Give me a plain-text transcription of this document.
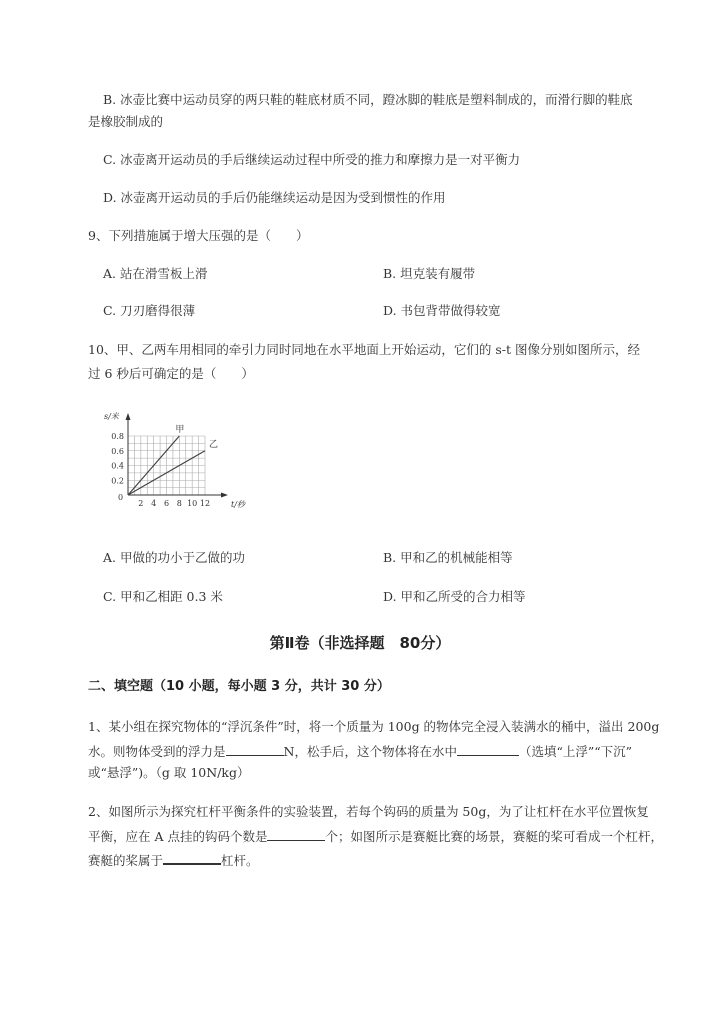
B. 冰壶比赛中运动员穿的两只鞋的鞋底材质不同，蹬冰脚的鞋底是塑料制成的，而滑行脚的鞋底
是橡胶制成的
C. 冰壶离开运动员的手后继续运动过程中所受的推力和摩擦力是一对平衡力
D. 冰壶离开运动员的手后仍能继续运动是因为受到惯性的作用
9、下列措施属于增大压强的是（　　）
A. 站在滑雪板上滑	B. 坦克装有履带
C. 刀刃磨得很薄	D. 书包背带做得较宽
10、甲、乙两车用相同的牵引力同时同地在水平地面上开始运动，它们的 s-t 图像分别如图所示，经
过 6 秒后可确定的是（　　）
2 4 6 8 10 12
0.2
0.4
0.6
0.8
0
t/秒
s/米
甲
乙
A. 甲做的功小于乙做的功	B. 甲和乙的机械能相等
C. 甲和乙相距 0.3 米	D. 甲和乙所受的合力相等
第Ⅱ卷（非选择题　80分）
二、填空题（10 小题，每小题 3 分，共计 30 分）
1、某小组在探究物体的“浮沉条件”时，将一个质量为 100g 的物体完全浸入装满水的桶中，溢出 200g
水。则物体受到的浮力是	N，松手后，这个物体将在水中	（选填“上浮”“下沉”
或“悬浮”)。（g 取 10N/kg）
2、如图所示为探究杠杆平衡条件的实验装置，若每个钩码的质量为 50g，为了让杠杆在水平位置恢复
平衡，应在 A 点挂的钩码个数是	个；如图所示是赛艇比赛的场景，赛艇的桨可看成一个杠杆，
赛艇的桨属于	杠杆。
